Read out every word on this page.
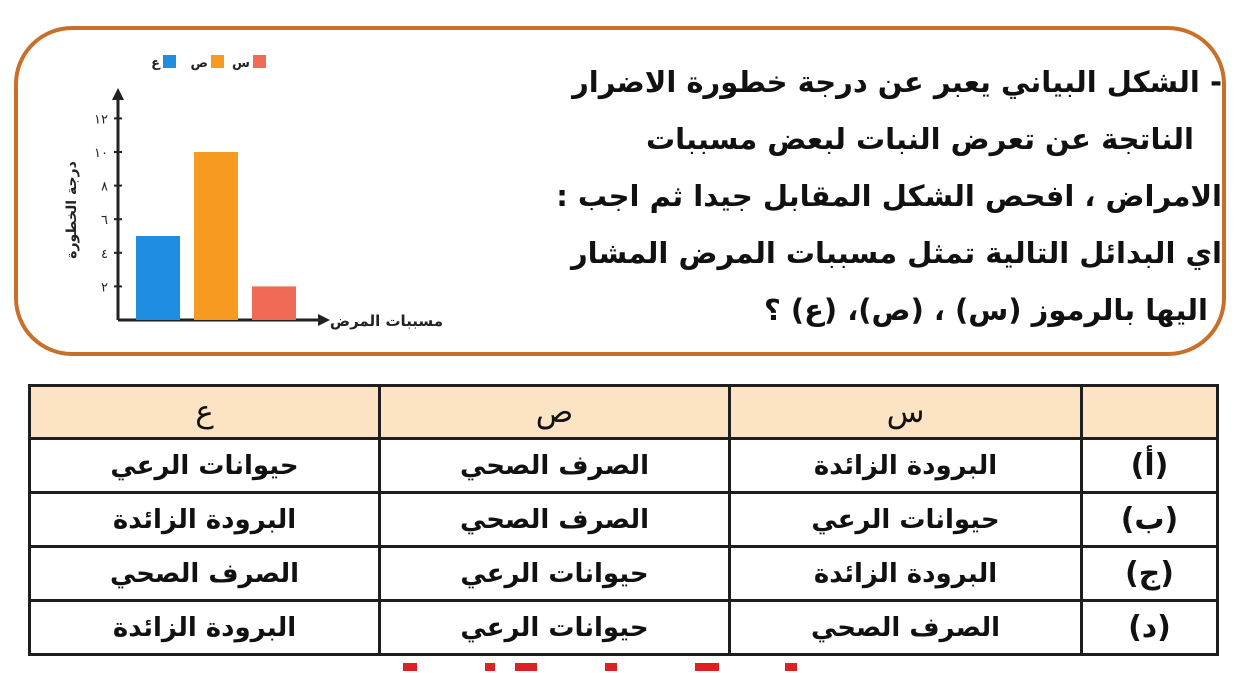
- الشكل البياني يعبر عن درجة خطورة الاضرار
الناتجة عن تعرض النبات لبعض مسببات
الامراض ، افحص الشكل المقابل جيدا ثم اجب :
اي البدائل التالية تمثل مسببات المرض المشار
اليها بالرموز (س) ، (ص)، (ع) ؟
٢
٤
٦
٨
١٠
١٢
درجة الخطورة
مسببات المرض
ع ص س
	س	ص	ع
(أ)	البرودة الزائدة	الصرف الصحي	حيوانات الرعي
(ب)	حيوانات الرعي	الصرف الصحي	البرودة الزائدة
(ج)	البرودة الزائدة	حيوانات الرعي	الصرف الصحي
(د)	الصرف الصحي	حيوانات الرعي	البرودة الزائدة
